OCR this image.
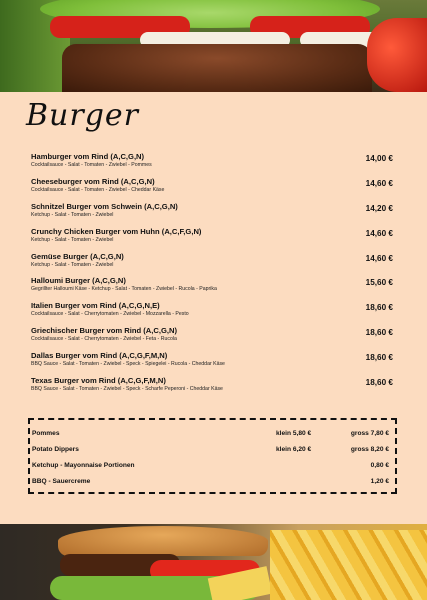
Burger
Hamburger vom Rind (A,C,G,N)
Cocktailsauce - Salat - Tomaten - Zwiebel - Pommes
14,00 €
Cheeseburger vom Rind (A,C,G,N)
Cocktailsauce - Salat - Tomaten - Zwiebel - Cheddar Käse
14,60 €
Schnitzel Burger vom Schwein (A,C,G,N)
Ketchup - Salat - Tomaten - Zwiebel
14,20 €
Crunchy Chicken Burger vom Huhn (A,C,F,G,N)
Ketchup - Salat - Tomaten - Zwiebel
14,60 €
Gemüse Burger (A,C,G,N)
Ketchup - Salat - Tomaten - Zwiebel
14,60 €
Halloumi Burger (A,C,G,N)
Gegrillter Halloumi Käse - Ketchup - Salat - Tomaten - Zwiebel - Rucola - Paprika
15,60 €
Italien Burger vom Rind (A,C,G,N,E)
Cocktailsauce - Salat - Cherrytomaten - Zwiebel - Mozzarella - Pesto
18,60 €
Griechischer Burger vom Rind (A,C,G,N)
Cocktailsauce - Salat - Cherrytomaten - Zwiebel - Feta - Rucola
18,60 €
Dallas Burger vom Rind (A,C,G,F,M,N)
BBQ Sauce - Salat - Tomaten - Zwiebel - Speck - Spiegelei - Rucola - Cheddar Käse
18,60 €
Texas Burger vom Rind (A,C,G,F,M,N)
BBQ Sauce - Salat - Tomaten - Zwiebel - Speck - Scharfe Peperoni - Cheddar Käse
18,60 €
Pommes	klein 5,80 €	gross 7,80 €
Potato Dippers	klein 6,20 €	gross 8,20 €
Ketchup - Mayonnaise Portionen	0,80 €
BBQ - Sauercreme	1,20 €
